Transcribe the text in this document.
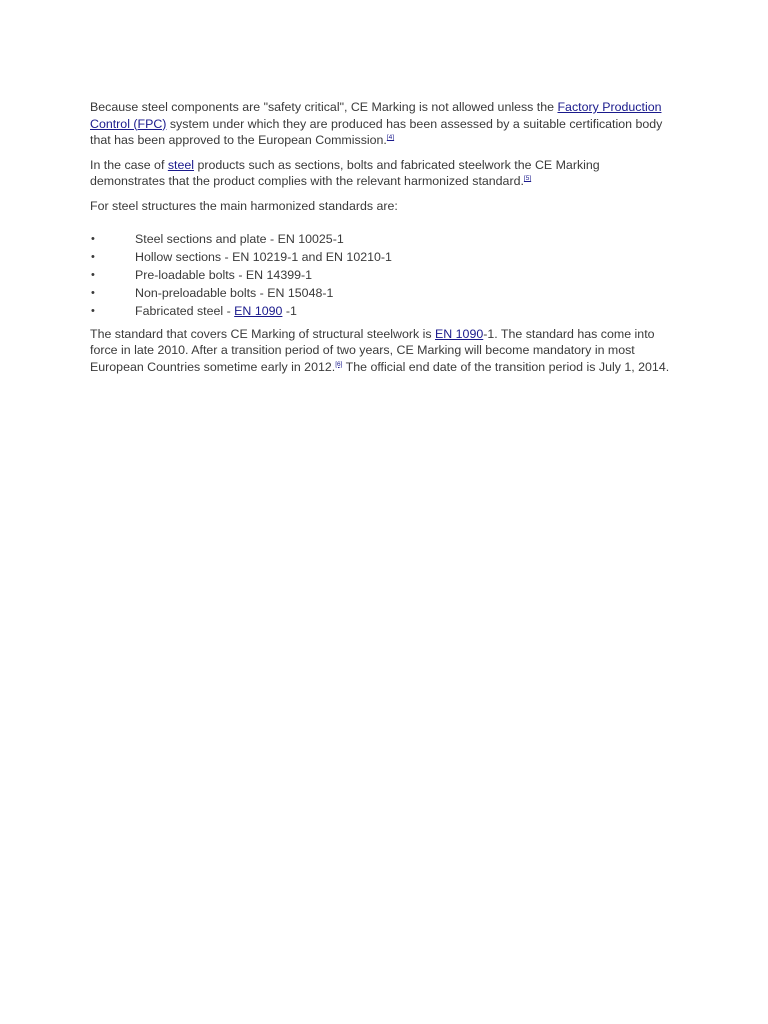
Because steel components are "safety critical", CE Marking is not allowed unless the Factory Production Control (FPC) system under which they are produced has been assessed by a suitable certification body that has been approved to the European Commission.[4]

In the case of steel products such as sections, bolts and fabricated steelwork the CE Marking demonstrates that the product complies with the relevant harmonized standard.[5]

For steel structures the main harmonized standards are:

•	Steel sections and plate - EN 10025-1
•	Hollow sections - EN 10219-1 and EN 10210-1
•	Pre-loadable bolts - EN 14399-1
•	Non-preloadable bolts - EN 15048-1
•	Fabricated steel - EN 1090 -1

The standard that covers CE Marking of structural steelwork is EN 1090-1. The standard has come into force in late 2010. After a transition period of two years, CE Marking will become mandatory in most European Countries sometime early in 2012.[6] The official end date of the transition period is July 1, 2014.
